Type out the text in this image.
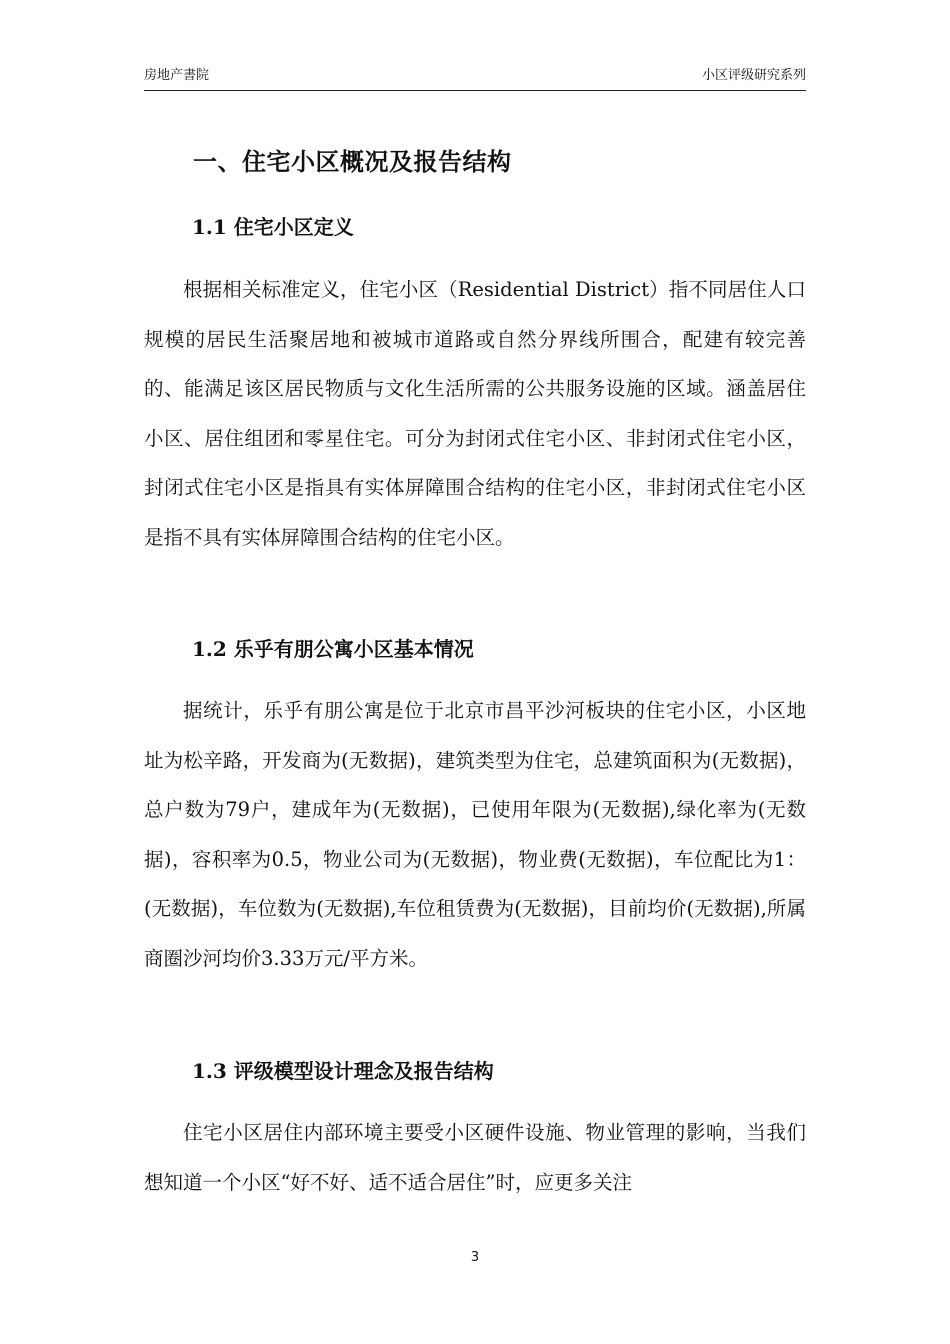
房地产書院	小区评级研究系列
一、住宅小区概况及报告结构
1.1 住宅小区定义

根据相关标准定义，住宅小区（Residential District）指不同居住人口规模的居民生活聚居地和被城市道路或自然分界线所围合，配建有较完善的、能满足该区居民物质与文化生活所需的公共服务设施的区域。涵盖居住小区、居住组团和零星住宅。可分为封闭式住宅小区、非封闭式住宅小区，封闭式住宅小区是指具有实体屏障围合结构的住宅小区，非封闭式住宅小区是指不具有实体屏障围合结构的住宅小区。

1.2 乐乎有朋公寓小区基本情况

据统计，乐乎有朋公寓是位于北京市昌平沙河板块的住宅小区，小区地址为松辛路，开发商为(无数据)，建筑类型为住宅，总建筑面积为(无数据)，总户数为79户，建成年为(无数据)，已使用年限为(无数据),绿化率为(无数据)，容积率为0.5，物业公司为(无数据)，物业费(无数据)，车位配比为1：(无数据)，车位数为(无数据),车位租赁费为(无数据)，目前均价(无数据),所属商圈沙河均价3.33万元/平方米。

1.3 评级模型设计理念及报告结构

住宅小区居住内部环境主要受小区硬件设施、物业管理的影响，当我们想知道一个小区“好不好、适不适合居住”时，应更多关注

3
